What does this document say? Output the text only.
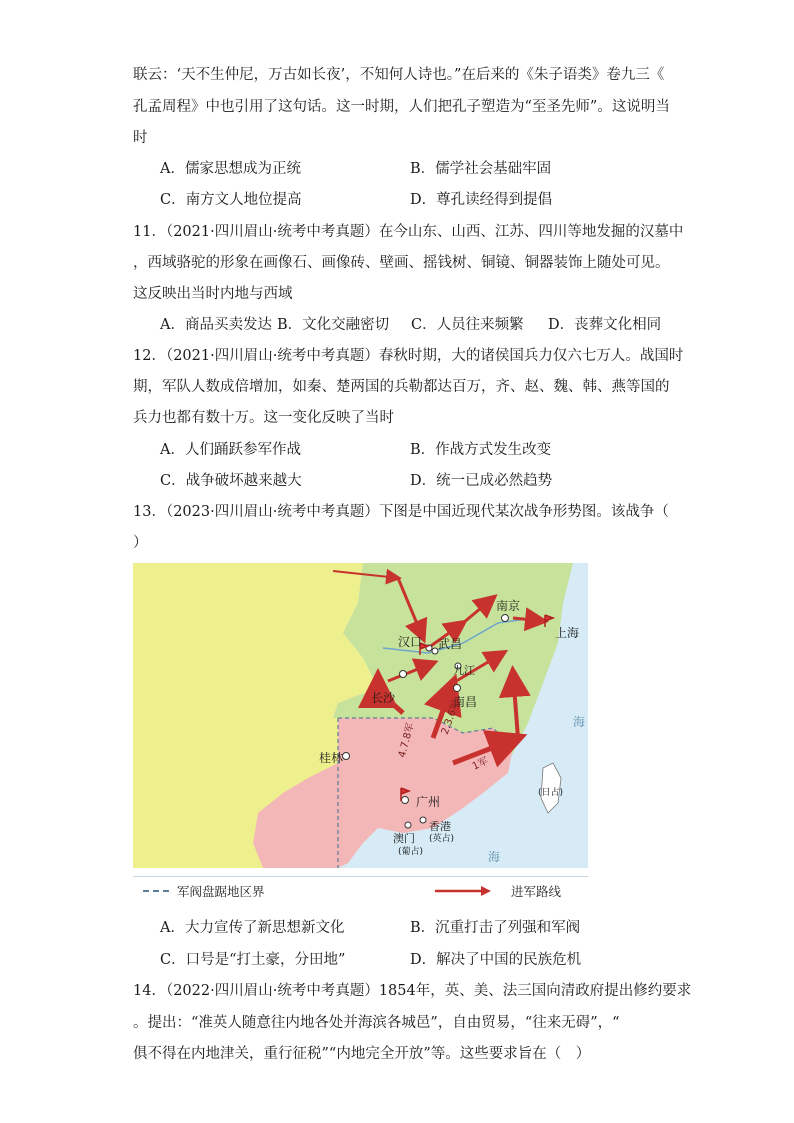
联云：‘天不生仲尼，万古如长夜’，不知何人诗也。”在后来的《朱子语类》卷九三《
孔孟周程》中也引用了这句话。这一时期，人们把孔子塑造为“至圣先师”。这说明当
时
A．儒家思想成为正统	B．儒学社会基础牢固
C．南方文人地位提高	D．尊孔读经得到提倡
11．（2021·四川眉山·统考中考真题）在今山东、山西、江苏、四川等地发掘的汉墓中
，西域骆驼的形象在画像石、画像砖、壁画、摇钱树、铜镜、铜器装饰上随处可见。
这反映出当时内地与西域
A．商品买卖发达 B．文化交融密切 C．人员往来频繁 D．丧葬文化相同
12．（2021·四川眉山·统考中考真题）春秋时期，大的诸侯国兵力仅六七万人。战国时
期，军队人数成倍增加，如秦、楚两国的兵勒都达百万，齐、赵、魏、韩、燕等国的
兵力也都有数十万。这一变化反映了当时
A．人们踊跃参军作战	B．作战方式发生改变
C．战争破坏越来越大	D．统一已成必然趋势
13．（2023·四川眉山·统考中考真题）下图是中国近现代某次战争形势图。该战争（
）
南京
上海
汉口 武昌
九江
长沙	南昌
桂林
广州
香港
澳门
4.7.8军
2.3.6军
1军
(日占)
(葡占)
(英占)
海
海
军阀盘踞地区界	进军路线
A．大力宣传了新思想新文化	B．沉重打击了列强和军阀
C．口号是“打土豪，分田地”	D．解决了中国的民族危机
14．（2022·四川眉山·统考中考真题）1854年，英、美、法三国向清政府提出修约要求
。提出：“准英人随意往内地各处并海滨各城邑”，自由贸易，“往来无碍”，“
俱不得在内地津关，重行征税”“内地完全开放”等。这些要求旨在（　）
